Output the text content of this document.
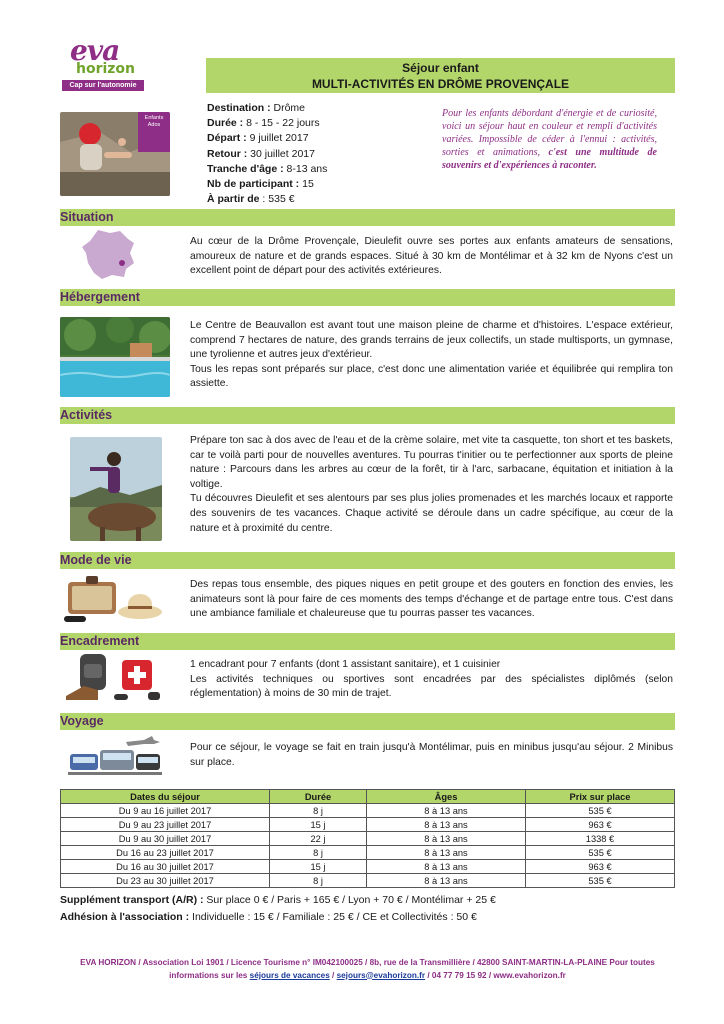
eva
horizon
Cap sur l'autonomie
Séjour enfant
MULTI-ACTIVITÉS EN DRÔME PROVENÇALE
Enfants
Ados
Destination : Drôme
Durée : 8 - 15 - 22 jours
Départ : 9 juillet 2017
Retour : 30 juillet 2017
Tranche d'âge : 8-13 ans
Nb de participant : 15
À partir de : 535 €
Pour les enfants débordant d'énergie et de curiosité, voici un séjour haut en couleur et rempli d'activités variées. Impossible de céder à l'ennui : activités, sorties et animations, c'est une multitude de souvenirs et d'expériences à raconter.
Situation
Au cœur de la Drôme Provençale, Dieulefit ouvre ses portes aux enfants amateurs de sensations, amoureux de nature et de grands espaces. Situé à 30 km de Montélimar et à 32 km de Nyons c'est un excellent point de départ pour des activités extérieures.
Hébergement
Le Centre de Beauvallon est avant tout une maison pleine de charme et d'histoires. L'espace extérieur, comprend 7 hectares de nature, des grands terrains de jeux collectifs, un stade multisports, un gymnase, une tyrolienne et autres jeux d'extérieur.
Tous les repas sont préparés sur place, c'est donc une alimentation variée et équilibrée qui remplira ton assiette.
Activités
Prépare ton sac à dos avec de l'eau et de la crème solaire, met vite ta casquette, ton short et tes baskets, car te voilà parti pour de nouvelles aventures. Tu pourras t'initier ou te perfectionner aux sports de pleine nature : Parcours dans les arbres au cœur de la forêt, tir à l'arc, sarbacane, équitation et initiation à la voltige.
Tu découvres Dieulefit et ses alentours par ses plus jolies promenades et les marchés locaux et rapporte des souvenirs de tes vacances. Chaque activité se déroule dans un cadre spécifique, au cœur de la nature et à proximité du centre.
Mode de vie
Des repas tous ensemble, des piques niques en petit groupe et des gouters en fonction des envies, les animateurs sont là pour faire de ces moments des temps d'échange et de partage entre tous. C'est dans une ambiance familiale et chaleureuse que tu pourras passer tes vacances.
Encadrement
1 encadrant pour 7 enfants (dont 1 assistant sanitaire), et 1 cuisinier
Les activités techniques ou sportives sont encadrées par des spécialistes diplômés (selon réglementation) à moins de 30 min de trajet.
Voyage
Pour ce séjour, le voyage se fait en train jusqu'à Montélimar, puis en minibus jusqu'au séjour. 2 Minibus sur place.
Dates du séjour	Durée	Âges	Prix sur place
Du 9 au 16 juillet 2017	8 j	8 à 13 ans	535 €
Du 9 au 23 juillet 2017	15 j	8 à 13 ans	963 €
Du 9 au 30 juillet 2017	22 j	8 à 13 ans	1338 €
Du 16 au 23 juillet 2017	8 j	8 à 13 ans	535 €
Du 16 au 30 juillet 2017	15 j	8 à 13 ans	963 €
Du 23 au 30 juillet 2017	8 j	8 à 13 ans	535 €
Supplément transport (A/R) : Sur place 0 € / Paris + 165 € / Lyon + 70 € / Montélimar + 25 €
Adhésion à l'association : Individuelle : 15 € / Familiale : 25 € / CE et Collectivités : 50 €
EVA HORIZON / Association Loi 1901 / Licence Tourisme n° IM042100025 / 8b, rue de la Transmillière / 42800 SAINT-MARTIN-LA-PLAINE Pour toutes
informations sur les séjours de vacances / sejours@evahorizon.fr / 04 77 79 15 92 / www.evahorizon.fr
